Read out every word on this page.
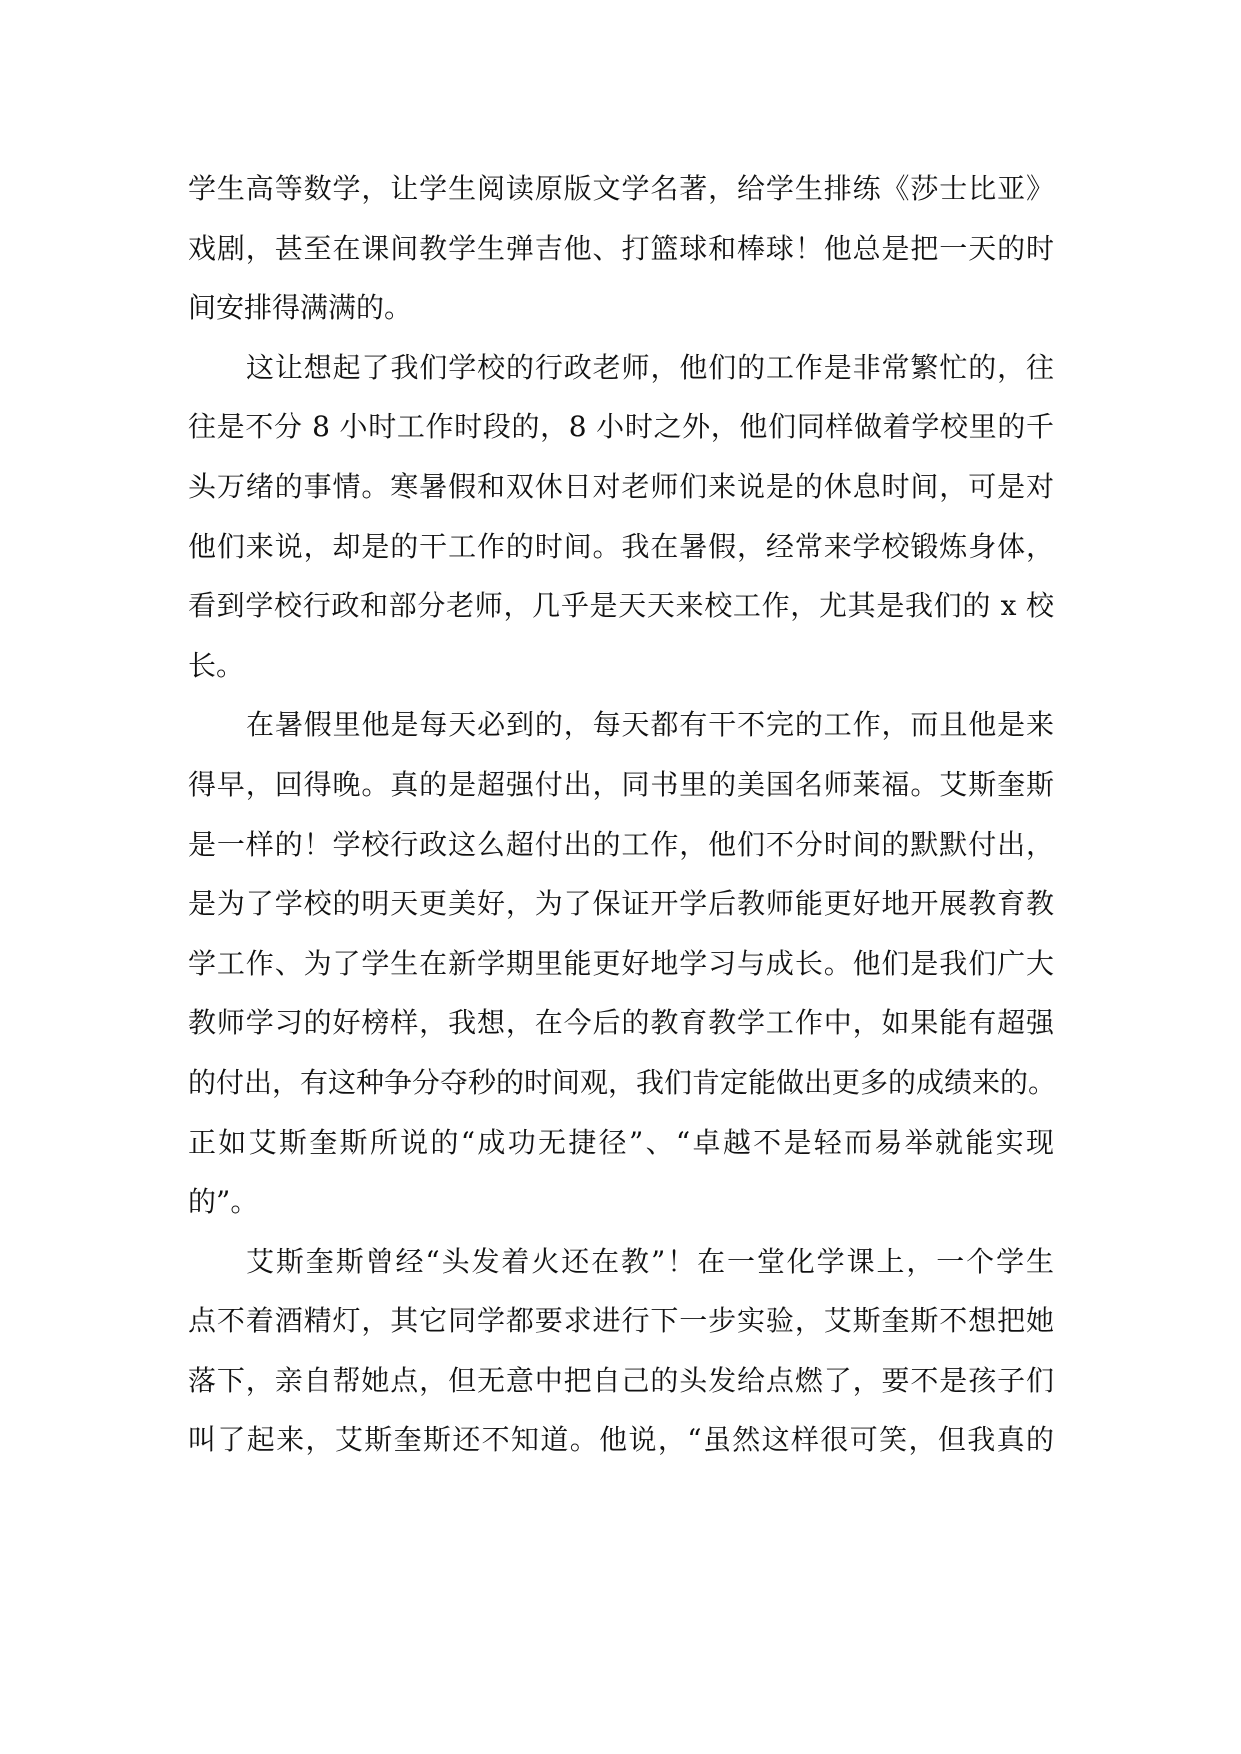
学生高等数学，让学生阅读原版文学名著，给学生排练《莎士比亚》
戏剧，甚至在课间教学生弹吉他、打篮球和棒球！他总是把一天的时
间安排得满满的。
这让想起了我们学校的行政老师，他们的工作是非常繁忙的，往
往是不分 8 小时工作时段的，8 小时之外，他们同样做着学校里的千
头万绪的事情。寒暑假和双休日对老师们来说是的休息时间，可是对
他们来说，却是的干工作的时间。我在暑假，经常来学校锻炼身体，
看到学校行政和部分老师，几乎是天天来校工作，尤其是我们的 x 校
长。
在暑假里他是每天必到的，每天都有干不完的工作，而且他是来
得早，回得晚。真的是超强付出，同书里的美国名师莱福。艾斯奎斯
是一样的！学校行政这么超付出的工作，他们不分时间的默默付出，
是为了学校的明天更美好，为了保证开学后教师能更好地开展教育教
学工作、为了学生在新学期里能更好地学习与成长。他们是我们广大
教师学习的好榜样，我想，在今后的教育教学工作中，如果能有超强
的付出，有这种争分夺秒的时间观，我们肯定能做出更多的成绩来的。
正如艾斯奎斯所说的“成功无捷径”、“卓越不是轻而易举就能实现
的”。
艾斯奎斯曾经“头发着火还在教”！在一堂化学课上，一个学生
点不着酒精灯，其它同学都要求进行下一步实验，艾斯奎斯不想把她
落下，亲自帮她点，但无意中把自己的头发给点燃了，要不是孩子们
叫了起来，艾斯奎斯还不知道。他说，“虽然这样很可笑，但我真的
